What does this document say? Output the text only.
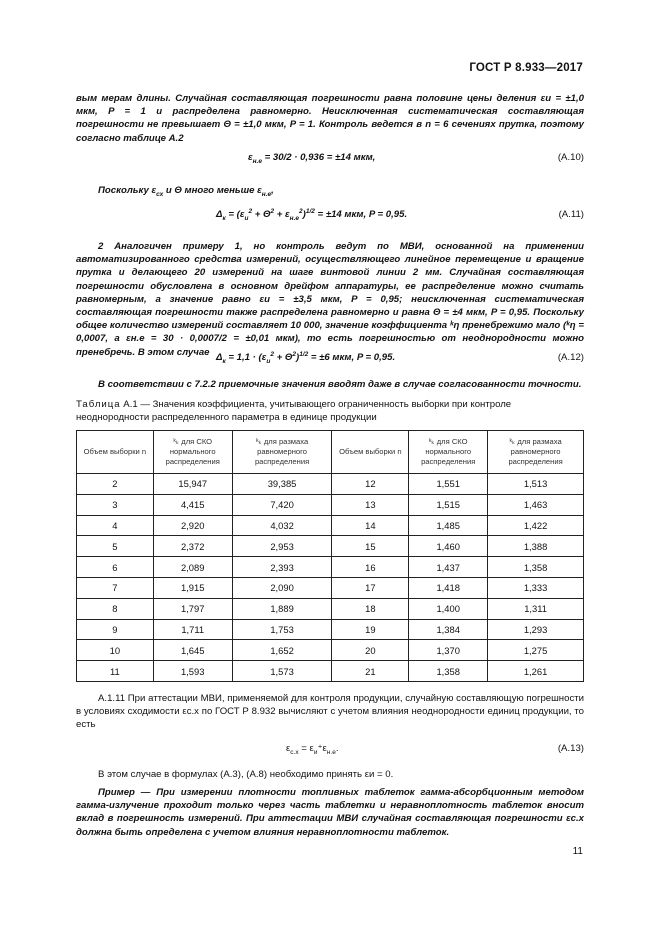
ГОСТ Р 8.933—2017
вым мерам длины. Случайная составляющая погрешности равна половине цены деления εи = ±1,0 мкм, P = 1 и распределена равномерно. Неисключенная систематическая составляющая погрешности не превышает Θ = ±1,0 мкм, P = 1. Контроль ведется в n = 6 сечениях прутка, поэтому согласно таблице А.2
$\varepsilon_{н.е} = 30/2 \cdot 0,936 = \pm 14$ мкм,	(А.10)
Поскольку $\varepsilon_{сх}$ и Θ много меньше $\varepsilon_{н.е}$,
$\Delta_к = (\varepsilon_и^2 + \Theta^2 + \varepsilon_{н.е}^2)^{1/2} = \pm 14$ мкм, P = 0,95.	(А.11)
2 Аналогичен примеру 1, но контроль ведут по МВИ, основанной на применении автоматизированного средства измерений, осуществляющего линейное перемещение и вращение прутка и делающего 20 измерений на шаге винтовой линии 2 мм. Случайная составляющая погрешности обусловлена в основном дрейфом аппаратуры, ее распределение можно считать равномерным, а значение равно εи = ±3,5 мкм, P = 0,95; неисключенная систематическая составляющая погрешности также распределена равномерно и равна Θ = ±4 мкм, P = 0,95. Поскольку общее количество измерений составляет 10 000, значение коэффициента ᵏη пренебрежимо мало (ᵏη = 0,0007, а εн.е = 30 · 0,0007/2 = ±0,01 мкм), то есть погрешностью от неоднородности можно пренебречь. В этом случае $\Delta_к = 1,1 \cdot (\varepsilon_и^2 + \Theta^2)^{1/2} = \pm 6$ мкм, P = 0,95.	(А.12)
В соответствии с 7.2.2 приемочные значения вводят даже в случае согласованности точности.
Таблица А.1 — Значения коэффициента, учитывающего ограниченность выборки при контроле неоднородности распределенного параметра в единице продукции
Объем выборки n	ᵏₖ для СКО нормального распределения	ᵏₖ для размаха равномерного распределения	Объем выборки n	ᵏₖ для СКО нормального распределения	ᵏₖ для размаха равномерного распределения
2	15,947	39,385	12	1,551	1,513
3	4,415	7,420	13	1,515	1,463
4	2,920	4,032	14	1,485	1,422
5	2,372	2,953	15	1,460	1,388
6	2,089	2,393	16	1,437	1,358
7	1,915	2,090	17	1,418	1,333
8	1,797	1,889	18	1,400	1,311
9	1,711	1,753	19	1,384	1,293
10	1,645	1,652	20	1,370	1,275
11	1,593	1,573	21	1,358	1,261
А.1.11 При аттестации МВИ, применяемой для контроля продукции, случайную составляющую погрешности в условиях сходимости εс.х по ГОСТ Р 8.932 вычисляют с учетом влияния неоднородности единиц продукции, то есть
$\varepsilon_{с.х} = \varepsilon_и^+\varepsilon_{н.е}$.	(А.13)
В этом случае в формулах (А.3), (А.8) необходимо принять εи = 0.
Пример — При измерении плотности топливных таблеток гамма-абсорбционным методом гамма-излучение проходит только через часть таблетки и неравноплотность таблеток вносит вклад в погрешность измерений. При аттестации МВИ случайная составляющая погрешности εс.х должна быть определена с учетом влияния неравноплотности таблеток.
11
